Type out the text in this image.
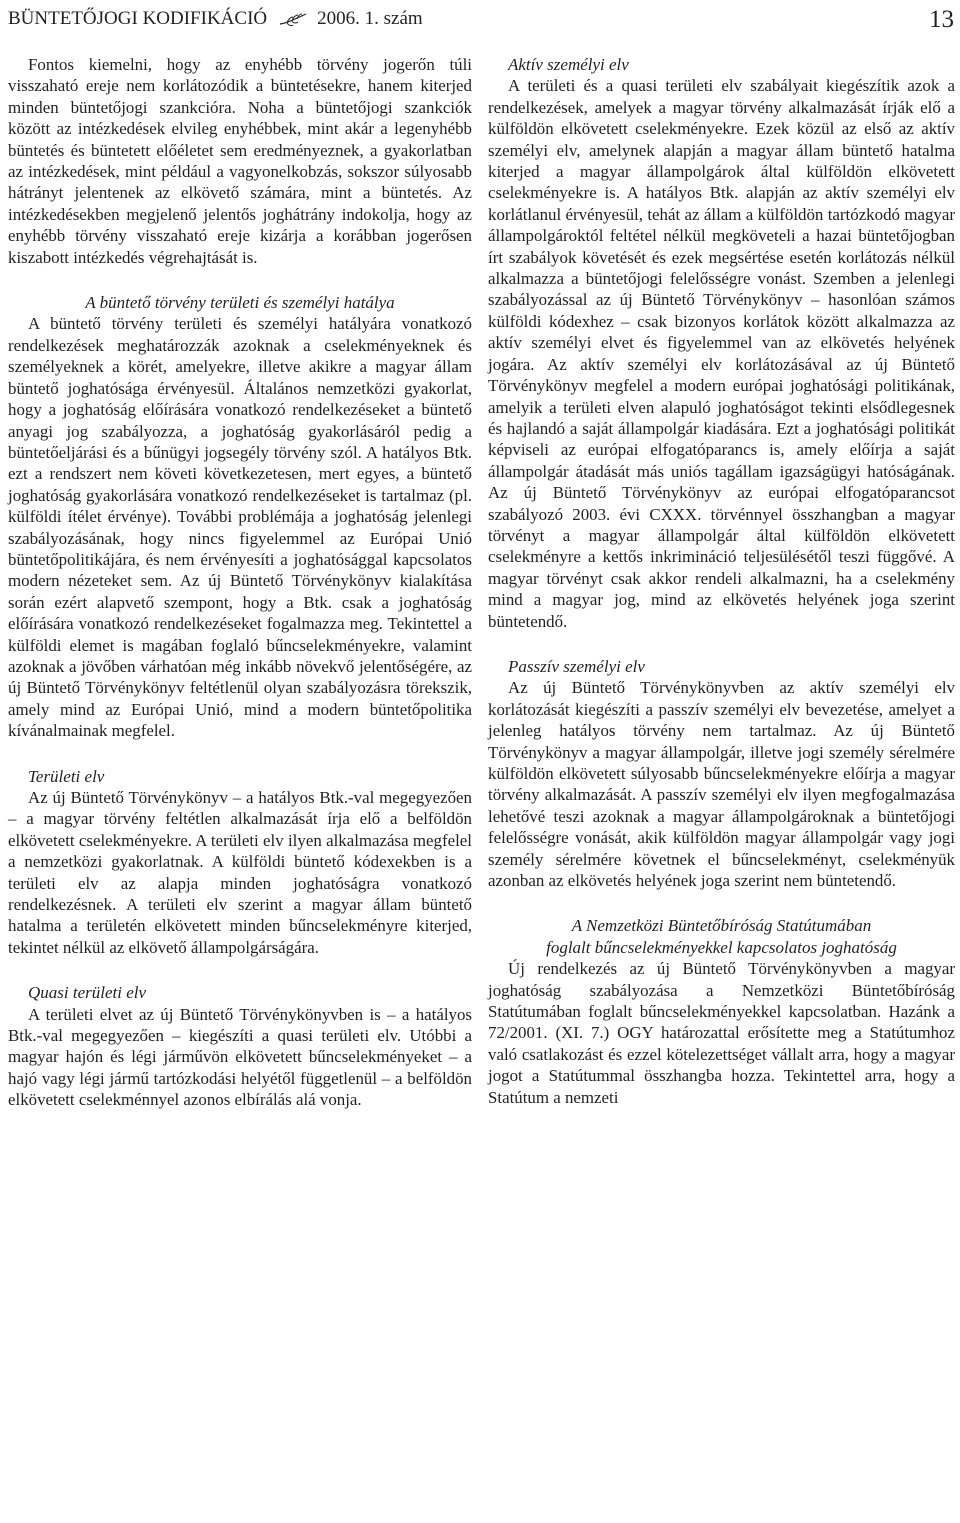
BÜNTETŐJOGI KODIFIKÁCIÓ	2006. 1. szám	13

Fontos kiemelni, hogy az enyhébb törvény jogerőn túli visszaható ereje nem korlátozódik a büntetésekre, hanem kiterjed minden büntetőjogi szankcióra. Noha a büntetőjogi szankciók között az intézkedések elvileg enyhébbek, mint akár a legenyhébb büntetés és büntetett előéletet sem eredményeznek, a gyakorlatban az intézkedések, mint például a vagyonelkobzás, sokszor súlyosabb hátrányt jelentenek az elkövető számára, mint a büntetés. Az intézkedésekben megjelenő jelentős joghátrány indokolja, hogy az enyhébb törvény visszaható ereje kizárja a korábban jogerősen kiszabott intézkedés végrehajtását is.

A büntető törvény területi és személyi hatálya

A büntető törvény területi és személyi hatályára vonatkozó rendelkezések meghatározzák azoknak a cselekményeknek és személyeknek a körét, amelyekre, illetve akikre a magyar állam büntető joghatósága érvényesül. Általános nemzetközi gyakorlat, hogy a joghatóság előírására vonatkozó rendelkezéseket a büntető anyagi jog szabályozza, a joghatóság gyakorlásáról pedig a büntetőeljárási és a bűnügyi jogsegély törvény szól. A hatályos Btk. ezt a rendszert nem követi következetesen, mert egyes, a büntető joghatóság gyakorlására vonatkozó rendelkezéseket is tartalmaz (pl. külföldi ítélet érvénye). További problémája a joghatóság jelenlegi szabályozásának, hogy nincs figyelemmel az Európai Unió büntetőpolitikájára, és nem érvényesíti a joghatósággal kapcsolatos modern nézeteket sem. Az új Büntető Törvénykönyv kialakítása során ezért alapvető szempont, hogy a Btk. csak a joghatóság előírására vonatkozó rendelkezéseket fogalmazza meg. Tekintettel a külföldi elemet is magában foglaló bűncselekményekre, valamint azoknak a jövőben várhatóan még inkább növekvő jelentőségére, az új Büntető Törvénykönyv feltétlenül olyan szabályozásra törekszik, amely mind az Európai Unió, mind a modern büntetőpolitika kívánalmainak megfelel.

Területi elv

Az új Büntető Törvénykönyv – a hatályos Btk.-val megegyezően – a magyar törvény feltétlen alkalmazását írja elő a belföldön elkövetett cselekményekre. A területi elv ilyen alkalmazása megfelel a nemzetközi gyakorlatnak. A külföldi büntető kódexekben is a területi elv az alapja minden joghatóságra vonatkozó rendelkezésnek. A területi elv szerint a magyar állam büntető hatalma a területén elkövetett minden bűncselekményre kiterjed, tekintet nélkül az elkövető állampolgárságára.

Quasi területi elv

A területi elvet az új Büntető Törvénykönyvben is – a hatályos Btk.-val megegyezően – kiegészíti a quasi területi elv. Utóbbi a magyar hajón és légi járművön elkövetett bűncselekményeket – a hajó vagy légi jármű tartózkodási helyétől függetlenül – a belföldön elkövetett cselekménnyel azonos elbírálás alá vonja.

Aktív személyi elv

A területi és a quasi területi elv szabályait kiegészítik azok a rendelkezések, amelyek a magyar törvény alkalmazását írják elő a külföldön elkövetett cselekményekre. Ezek közül az első az aktív személyi elv, amelynek alapján a magyar állam büntető hatalma kiterjed a magyar állampolgárok által külföldön elkövetett cselekményekre is. A hatályos Btk. alapján az aktív személyi elv korlátlanul érvényesül, tehát az állam a külföldön tartózkodó magyar állampolgároktól feltétel nélkül megköveteli a hazai büntetőjogban írt szabályok követését és ezek megsértése esetén korlátozás nélkül alkalmazza a büntetőjogi felelősségre vonást. Szemben a jelenlegi szabályozással az új Büntető Törvénykönyv – hasonlóan számos külföldi kódexhez – csak bizonyos korlátok között alkalmazza az aktív személyi elvet és figyelemmel van az elkövetés helyének jogára. Az aktív személyi elv korlátozásával az új Büntető Törvénykönyv megfelel a modern európai joghatósági politikának, amelyik a területi elven alapuló joghatóságot tekinti elsődlegesnek és hajlandó a saját állampolgár kiadására. Ezt a joghatósági politikát képviseli az európai elfogatóparancs is, amely előírja a saját állampolgár átadását más uniós tagállam igazságügyi hatóságának. Az új Büntető Törvénykönyv az európai elfogatóparancsot szabályozó 2003. évi CXXX. törvénnyel összhangban a magyar törvényt a magyar állampolgár által külföldön elkövetett cselekményre a kettős inkrimináció teljesülésétől teszi függővé. A magyar törvényt csak akkor rendeli alkalmazni, ha a cselekmény mind a magyar jog, mind az elkövetés helyének joga szerint büntetendő.

Passzív személyi elv

Az új Büntető Törvénykönyvben az aktív személyi elv korlátozását kiegészíti a passzív személyi elv bevezetése, amelyet a jelenleg hatályos törvény nem tartalmaz. Az új Büntető Törvénykönyv a magyar állampolgár, illetve jogi személy sérelmére külföldön elkövetett súlyosabb bűncselekményekre előírja a magyar törvény alkalmazását. A passzív személyi elv ilyen megfogalmazása lehetővé teszi azoknak a magyar állampolgároknak a büntetőjogi felelősségre vonását, akik külföldön magyar állampolgár vagy jogi személy sérelmére követnek el bűncselekményt, cselekményük azonban az elkövetés helyének joga szerint nem büntetendő.

A Nemzetközi Büntetőbíróság Statútumában
foglalt bűncselekményekkel kapcsolatos joghatóság

Új rendelkezés az új Büntető Törvénykönyvben a magyar joghatóság szabályozása a Nemzetközi Büntetőbíróság Statútumában foglalt bűncselekményekkel kapcsolatban. Hazánk a 72/2001. (XI. 7.) OGY határozattal erősítette meg a Statútumhoz való csatlakozást és ezzel kötelezettséget vállalt arra, hogy a magyar jogot a Statútummal összhangba hozza. Tekintettel arra, hogy a Statútum a nemzeti
